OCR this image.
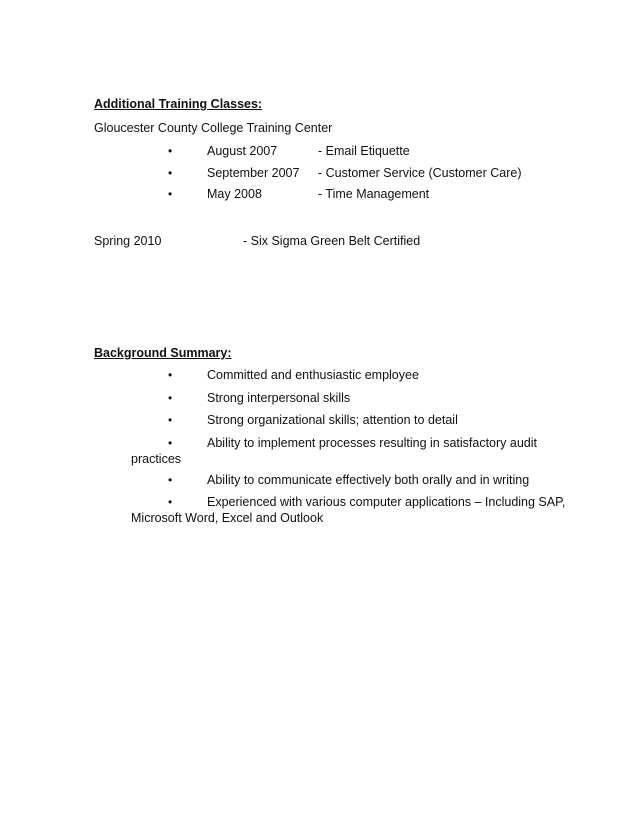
Additional Training Classes:
Gloucester County College Training Center
•	August 2007	- Email Etiquette
•	September 2007 - Customer Service (Customer Care)
•	May 2008	- Time Management
Spring 2010	- Six Sigma Green Belt Certified
Background Summary:
•	Committed and enthusiastic employee
•	Strong interpersonal skills
•	Strong organizational skills; attention to detail
•	Ability to implement processes resulting in satisfactory audit
practices
•	Ability to communicate effectively both orally and in writing
•	Experienced with various computer applications – Including SAP,
Microsoft Word, Excel and Outlook
